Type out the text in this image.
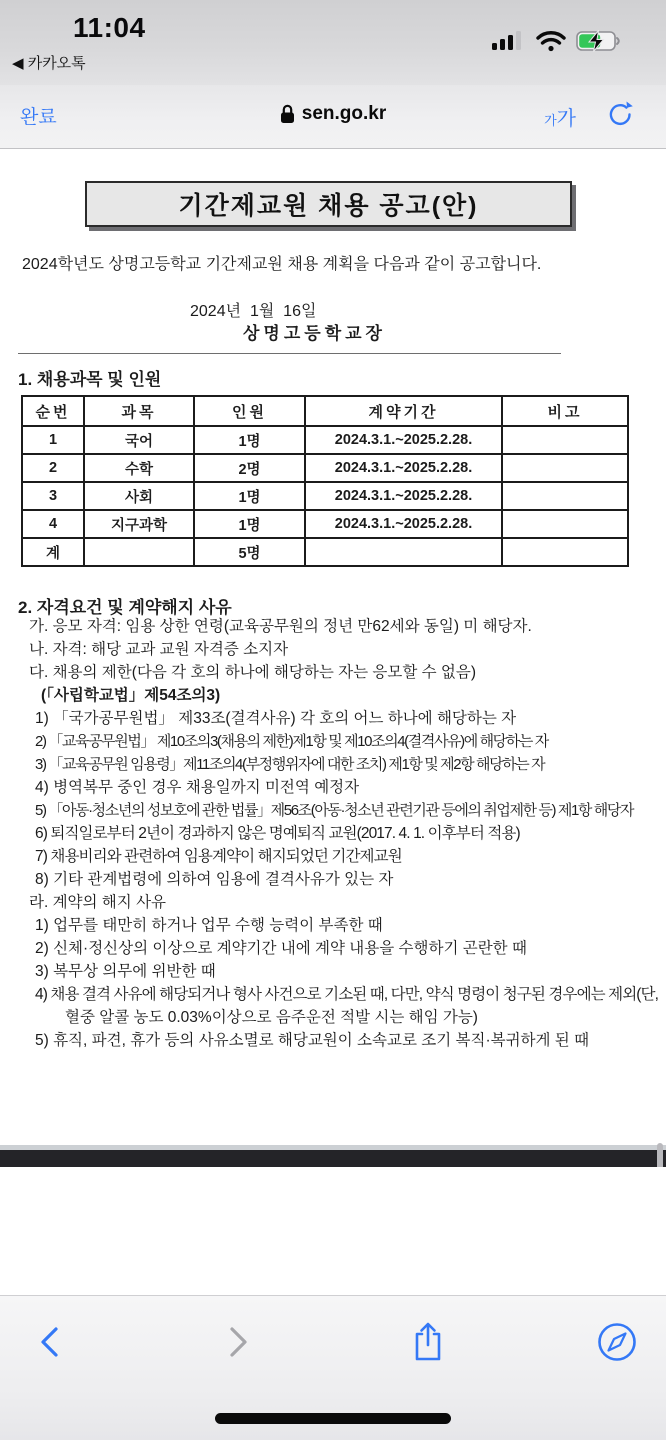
11:04
◀ 카카오톡
완료	sen.go.kr	가가
기간제교원 채용 공고(안)
2024학년도 상명고등학교 기간제교원 채용 계획을 다음과 같이 공고합니다.
2024년  1월  16일
상명고등학교장
1. 채용과목 및 인원
순번	과목	인원	계약기간	비고
1	국어	1명	2024.3.1.~2025.2.28.	
2	수학	2명	2024.3.1.~2025.2.28.	
3	사회	1명	2024.3.1.~2025.2.28.	
4	지구과학	1명	2024.3.1.~2025.2.28.	
계		5명		
2. 자격요건 및 계약해지 사유
가. 응모 자격: 임용 상한 연령(교육공무원의 정년 만62세와 동일) 미 해당자.
나. 자격: 해당 교과 교원 자격증 소지자
다. 채용의 제한(다음 각 호의 하나에 해당하는 자는 응모할 수 없음)
(「사립학교법」제54조의3)
1) 「국가공무원법」 제33조(결격사유) 각 호의 어느 하나에 해당하는 자
2) 「교육공무원법」 제10조의3(채용의 제한)제1항 및 제10조의4(결격사유)에 해당하는 자
3) 「교육공무원 임용령」제11조의4(부정행위자에 대한 조치) 제1항 및 제2항 해당하는 자
4) 병역복무 중인 경우 채용일까지 미전역 예정자
5) 「아동·청소년의 성보호에 관한 법률」제56조(아동·청소년 관련기관 등에의 취업제한 등) 제1항 해당자
6) 퇴직일로부터 2년이 경과하지 않은 명예퇴직 교원(2017. 4. 1. 이후부터 적용)
7) 채용비리와 관련하여 임용계약이 해지되었던 기간제교원
8) 기타 관계법령에 의하여 임용에 결격사유가 있는 자
라. 계약의 해지 사유
1) 업무를 태만히 하거나 업무 수행 능력이 부족한 때
2) 신체·정신상의 이상으로 계약기간 내에 계약 내용을 수행하기 곤란한 때
3) 복무상 의무에 위반한 때
4) 채용 결격 사유에 해당되거나 형사 사건으로 기소된 때, 다만, 약식 명령이 청구된 경우에는 제외(단,
혈중 알콜 농도 0.03%이상으로 음주운전 적발 시는 해임 가능)
5) 휴직, 파견, 휴가 등의 사유소멸로 해당교원이 소속교로 조기 복직·복귀하게 된 때
